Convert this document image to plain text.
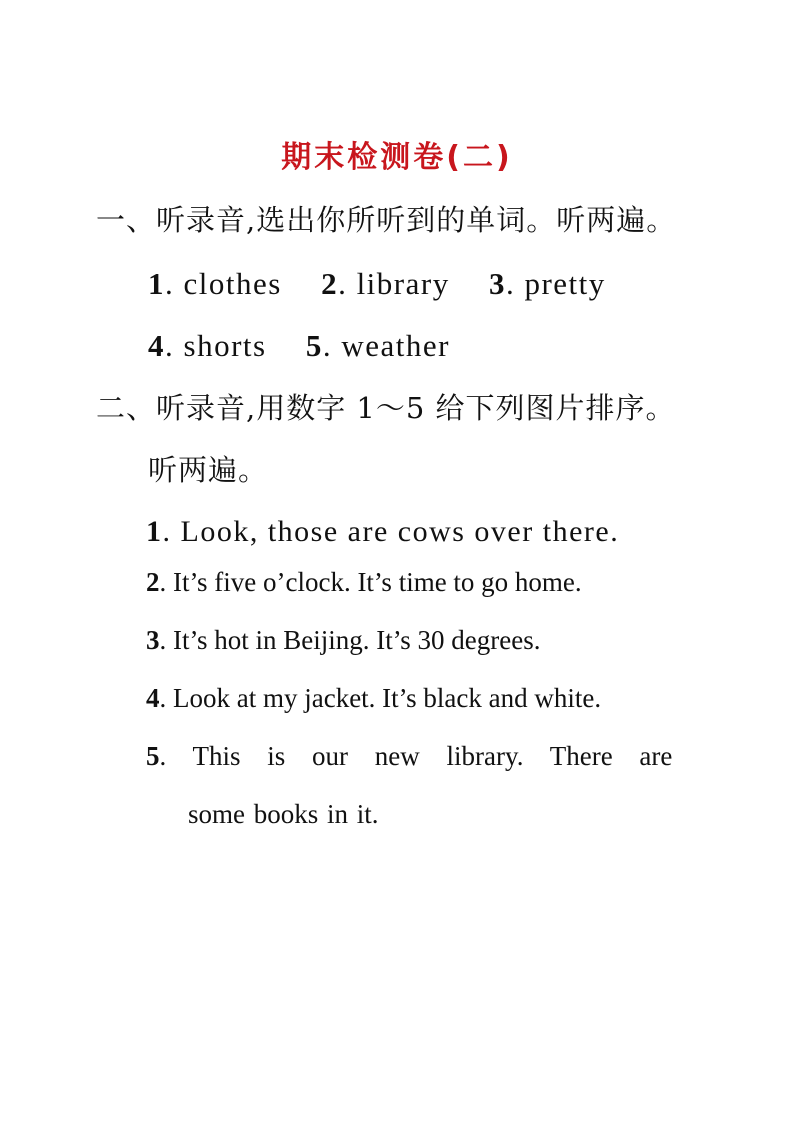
期末检测卷(二)
一、听录音,选出你所听到的单词。听两遍。
1. clothes 2. library 3. pretty
4. shorts 5. weather
二、听录音,用数字 1～5 给下列图片排序。
听两遍。
1. Look, those are cows over there.
2. It’s five o’clock. It’s time to go home.
3. It’s hot in Beijing. It’s 30 degrees.
4. Look at my jacket. It’s black and white.
5. This is our new library. There are
some books in it.
